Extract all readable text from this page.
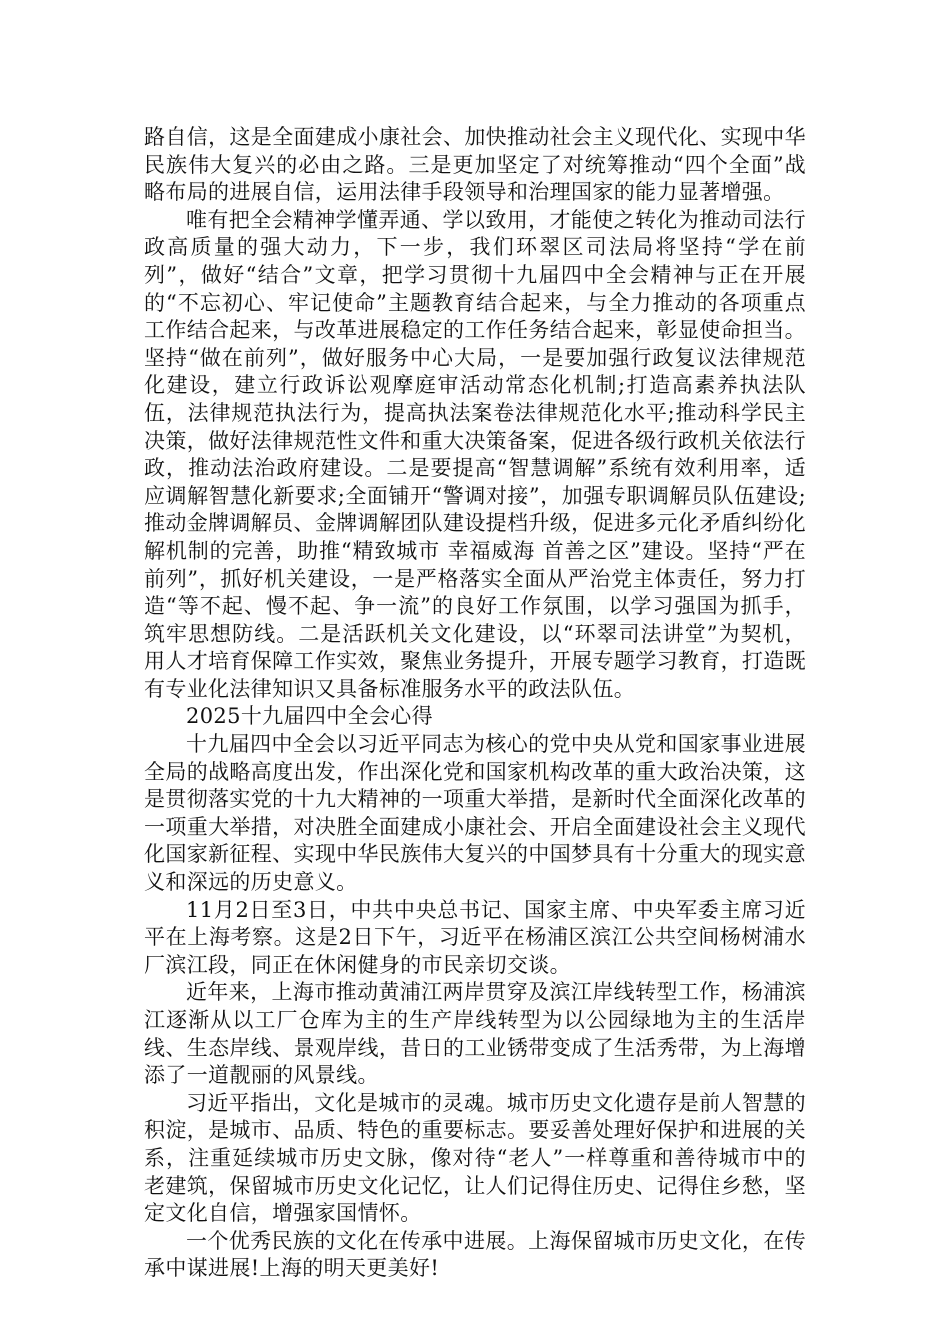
路自信，这是全面建成小康社会、加快推动社会主义现代化、实现中华民族伟大复兴的必由之路。三是更加坚定了对统筹推动“四个全面”战略布局的进展自信，运用法律手段领导和治理国家的能力显著增强。

唯有把全会精神学懂弄通、学以致用，才能使之转化为推动司法行政高质量的强大动力，下一步，我们环翠区司法局将坚持“学在前列”，做好“结合”文章，把学习贯彻十九届四中全会精神与正在开展的“不忘初心、牢记使命”主题教育结合起来，与全力推动的各项重点工作结合起来，与改革进展稳定的工作任务结合起来，彰显使命担当。坚持“做在前列”，做好服务中心大局，一是要加强行政复议法律规范化建设，建立行政诉讼观摩庭审活动常态化机制;打造高素养执法队伍，法律规范执法行为，提高执法案卷法律规范化水平;推动科学民主决策，做好法律规范性文件和重大决策备案，促进各级行政机关依法行政，推动法治政府建设。二是要提高“智慧调解”系统有效利用率，适应调解智慧化新要求;全面铺开“警调对接”，加强专职调解员队伍建设;推动金牌调解员、金牌调解团队建设提档升级，促进多元化矛盾纠纷化解机制的完善，助推“精致城市 幸福威海 首善之区”建设。坚持“严在前列”，抓好机关建设，一是严格落实全面从严治党主体责任，努力打造“等不起、慢不起、争一流”的良好工作氛围，以学习强国为抓手，筑牢思想防线。二是活跃机关文化建设，以“环翠司法讲堂”为契机，用人才培育保障工作实效，聚焦业务提升，开展专题学习教育，打造既有专业化法律知识又具备标准服务水平的政法队伍。

2025十九届四中全会心得

十九届四中全会以习近平同志为核心的党中央从党和国家事业进展全局的战略高度出发，作出深化党和国家机构改革的重大政治决策，这是贯彻落实党的十九大精神的一项重大举措，是新时代全面深化改革的一项重大举措，对决胜全面建成小康社会、开启全面建设社会主义现代化国家新征程、实现中华民族伟大复兴的中国梦具有十分重大的现实意义和深远的历史意义。

11月2日至3日，中共中央总书记、国家主席、中央军委主席习近平在上海考察。这是2日下午，习近平在杨浦区滨江公共空间杨树浦水厂滨江段，同正在休闲健身的市民亲切交谈。

近年来，上海市推动黄浦江两岸贯穿及滨江岸线转型工作，杨浦滨江逐渐从以工厂仓库为主的生产岸线转型为以公园绿地为主的生活岸线、生态岸线、景观岸线，昔日的工业锈带变成了生活秀带，为上海增添了一道靓丽的风景线。

习近平指出，文化是城市的灵魂。城市历史文化遗存是前人智慧的积淀，是城市、品质、特色的重要标志。要妥善处理好保护和进展的关系，注重延续城市历史文脉，像对待“老人”一样尊重和善待城市中的老建筑，保留城市历史文化记忆，让人们记得住历史、记得住乡愁，坚定文化自信，增强家国情怀。

一个优秀民族的文化在传承中进展。上海保留城市历史文化，在传承中谋进展!上海的明天更美好!
